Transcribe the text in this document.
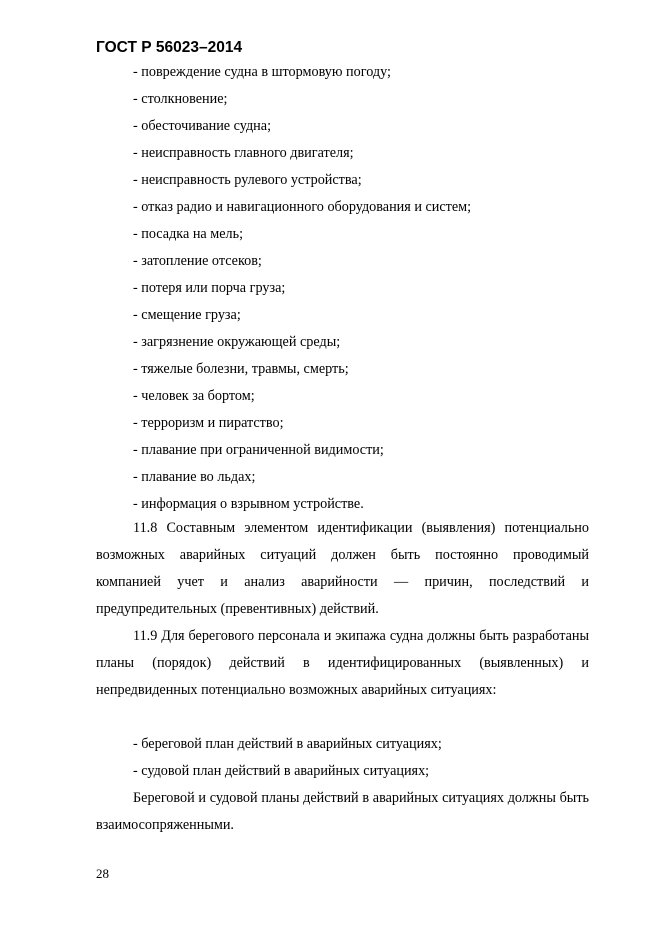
ГОСТ Р 56023–2014
- повреждение судна в штормовую погоду;
- столкновение;
- обесточивание судна;
- неисправность главного двигателя;
- неисправность рулевого устройства;
- отказ радио и навигационного оборудования и систем;
- посадка на мель;
- затопление отсеков;
- потеря или порча груза;
- смещение груза;
- загрязнение окружающей среды;
- тяжелые болезни, травмы, смерть;
- человек за бортом;
- терроризм и пиратство;
- плавание при ограниченной видимости;
- плавание во льдах;
- информация о взрывном устройстве.

11.8 Составным элементом идентификации (выявления) потенциально возможных аварийных ситуаций должен быть постоянно проводимый компанией учет и анализ аварийности — причин, последствий и предупредительных (превентивных) действий.

11.9 Для берегового персонала и экипажа судна должны быть разработаны планы (порядок) действий в идентифицированных (выявленных) и непредвиденных потенциально возможных аварийных ситуациях:

- береговой план действий в аварийных ситуациях;
- судовой план действий в аварийных ситуациях;

Береговой и судовой планы действий в аварийных ситуациях должны быть взаимосопряженными.

28
